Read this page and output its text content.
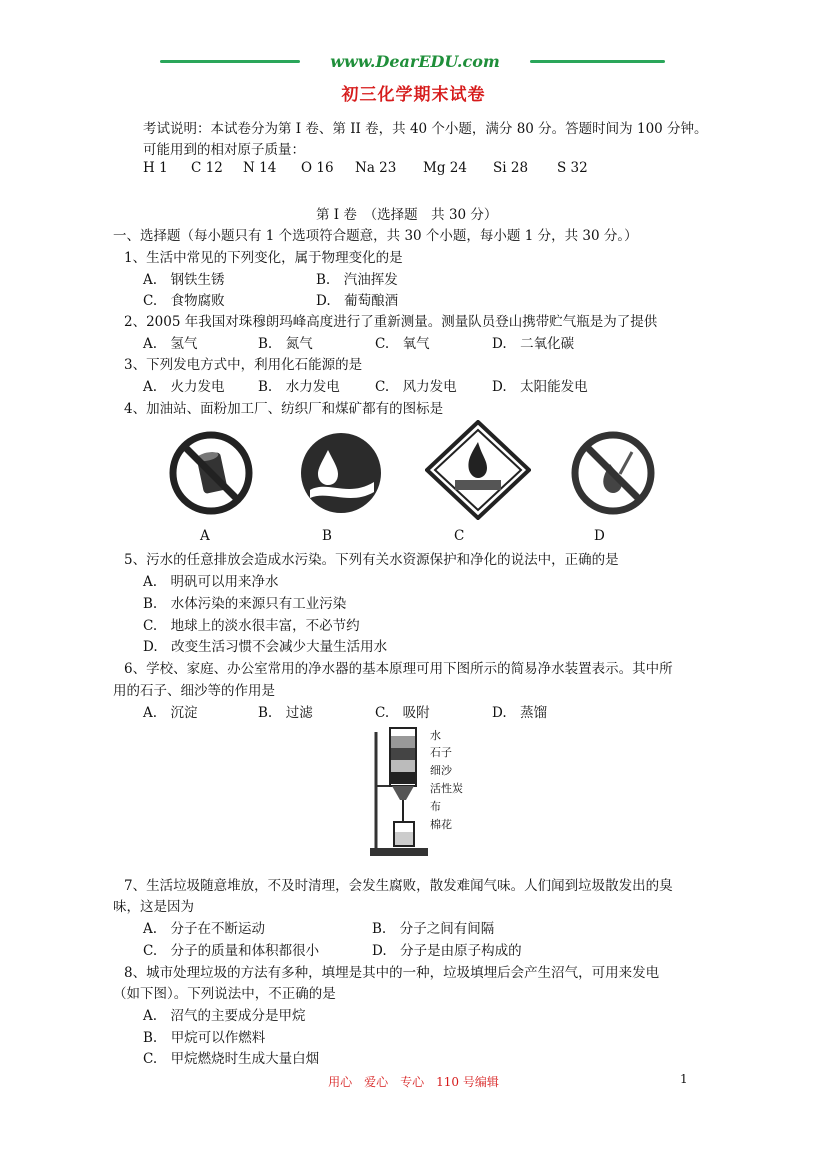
www.DearEDU.com
初三化学期末试卷
考试说明：本试卷分为第 I 卷、第 II 卷，共 40 个小题，满分 80 分。答题时间为 100 分钟。
可能用到的相对原子质量：
H 1 C 12 N 14 O 16 Na 23 Mg 24 Si 28 S 32
第 I 卷　（选择题　共 30 分）
一、选择题（每小题只有 1 个选项符合题意，共 30 个小题，每小题 1 分，共 30 分。）
1、生活中常见的下列变化，属于物理变化的是
A.　钢铁生锈	B.　汽油挥发
C.　食物腐败	D.　葡萄酿酒
2、2005 年我国对珠穆朗玛峰高度进行了重新测量。测量队员登山携带贮气瓶是为了提供
A.　氢气	B.　氮气	C.　氧气	D.　二氧化碳
3、下列发电方式中，利用化石能源的是
A.　火力发电 B.　水力发电	C.　风力发电	D.　太阳能发电
4、加油站、面粉加工厂、纺织厂和煤矿都有的图标是
A	B	C	D
5、污水的任意排放会造成水污染。下列有关水资源保护和净化的说法中，正确的是
A.　明矾可以用来净水
B.　水体污染的来源只有工业污染
C.　地球上的淡水很丰富，不必节约
D.　改变生活习惯不会减少大量生活用水
6、学校、家庭、办公室常用的净水器的基本原理可用下图所示的简易净水装置表示。其中所
用的石子、细沙等的作用是
A.　沉淀	B.　过滤	C.　吸附	D.　蒸馏
水
石子
细沙
活性炭
布
棉花
7、生活垃圾随意堆放，不及时清理，会发生腐败，散发难闻气味。人们闻到垃圾散发出的臭
味，这是因为
A.　分子在不断运动	B.　分子之间有间隔
C.　分子的质量和体积都很小	D.　分子是由原子构成的
8、城市处理垃圾的方法有多种，填埋是其中的一种，垃圾填埋后会产生沼气，可用来发电
（如下图）。下列说法中，不正确的是
A.　沼气的主要成分是甲烷
B.　甲烷可以作燃料
C.　甲烷燃烧时生成大量白烟
用心　爱心　专心　110 号编辑	1
